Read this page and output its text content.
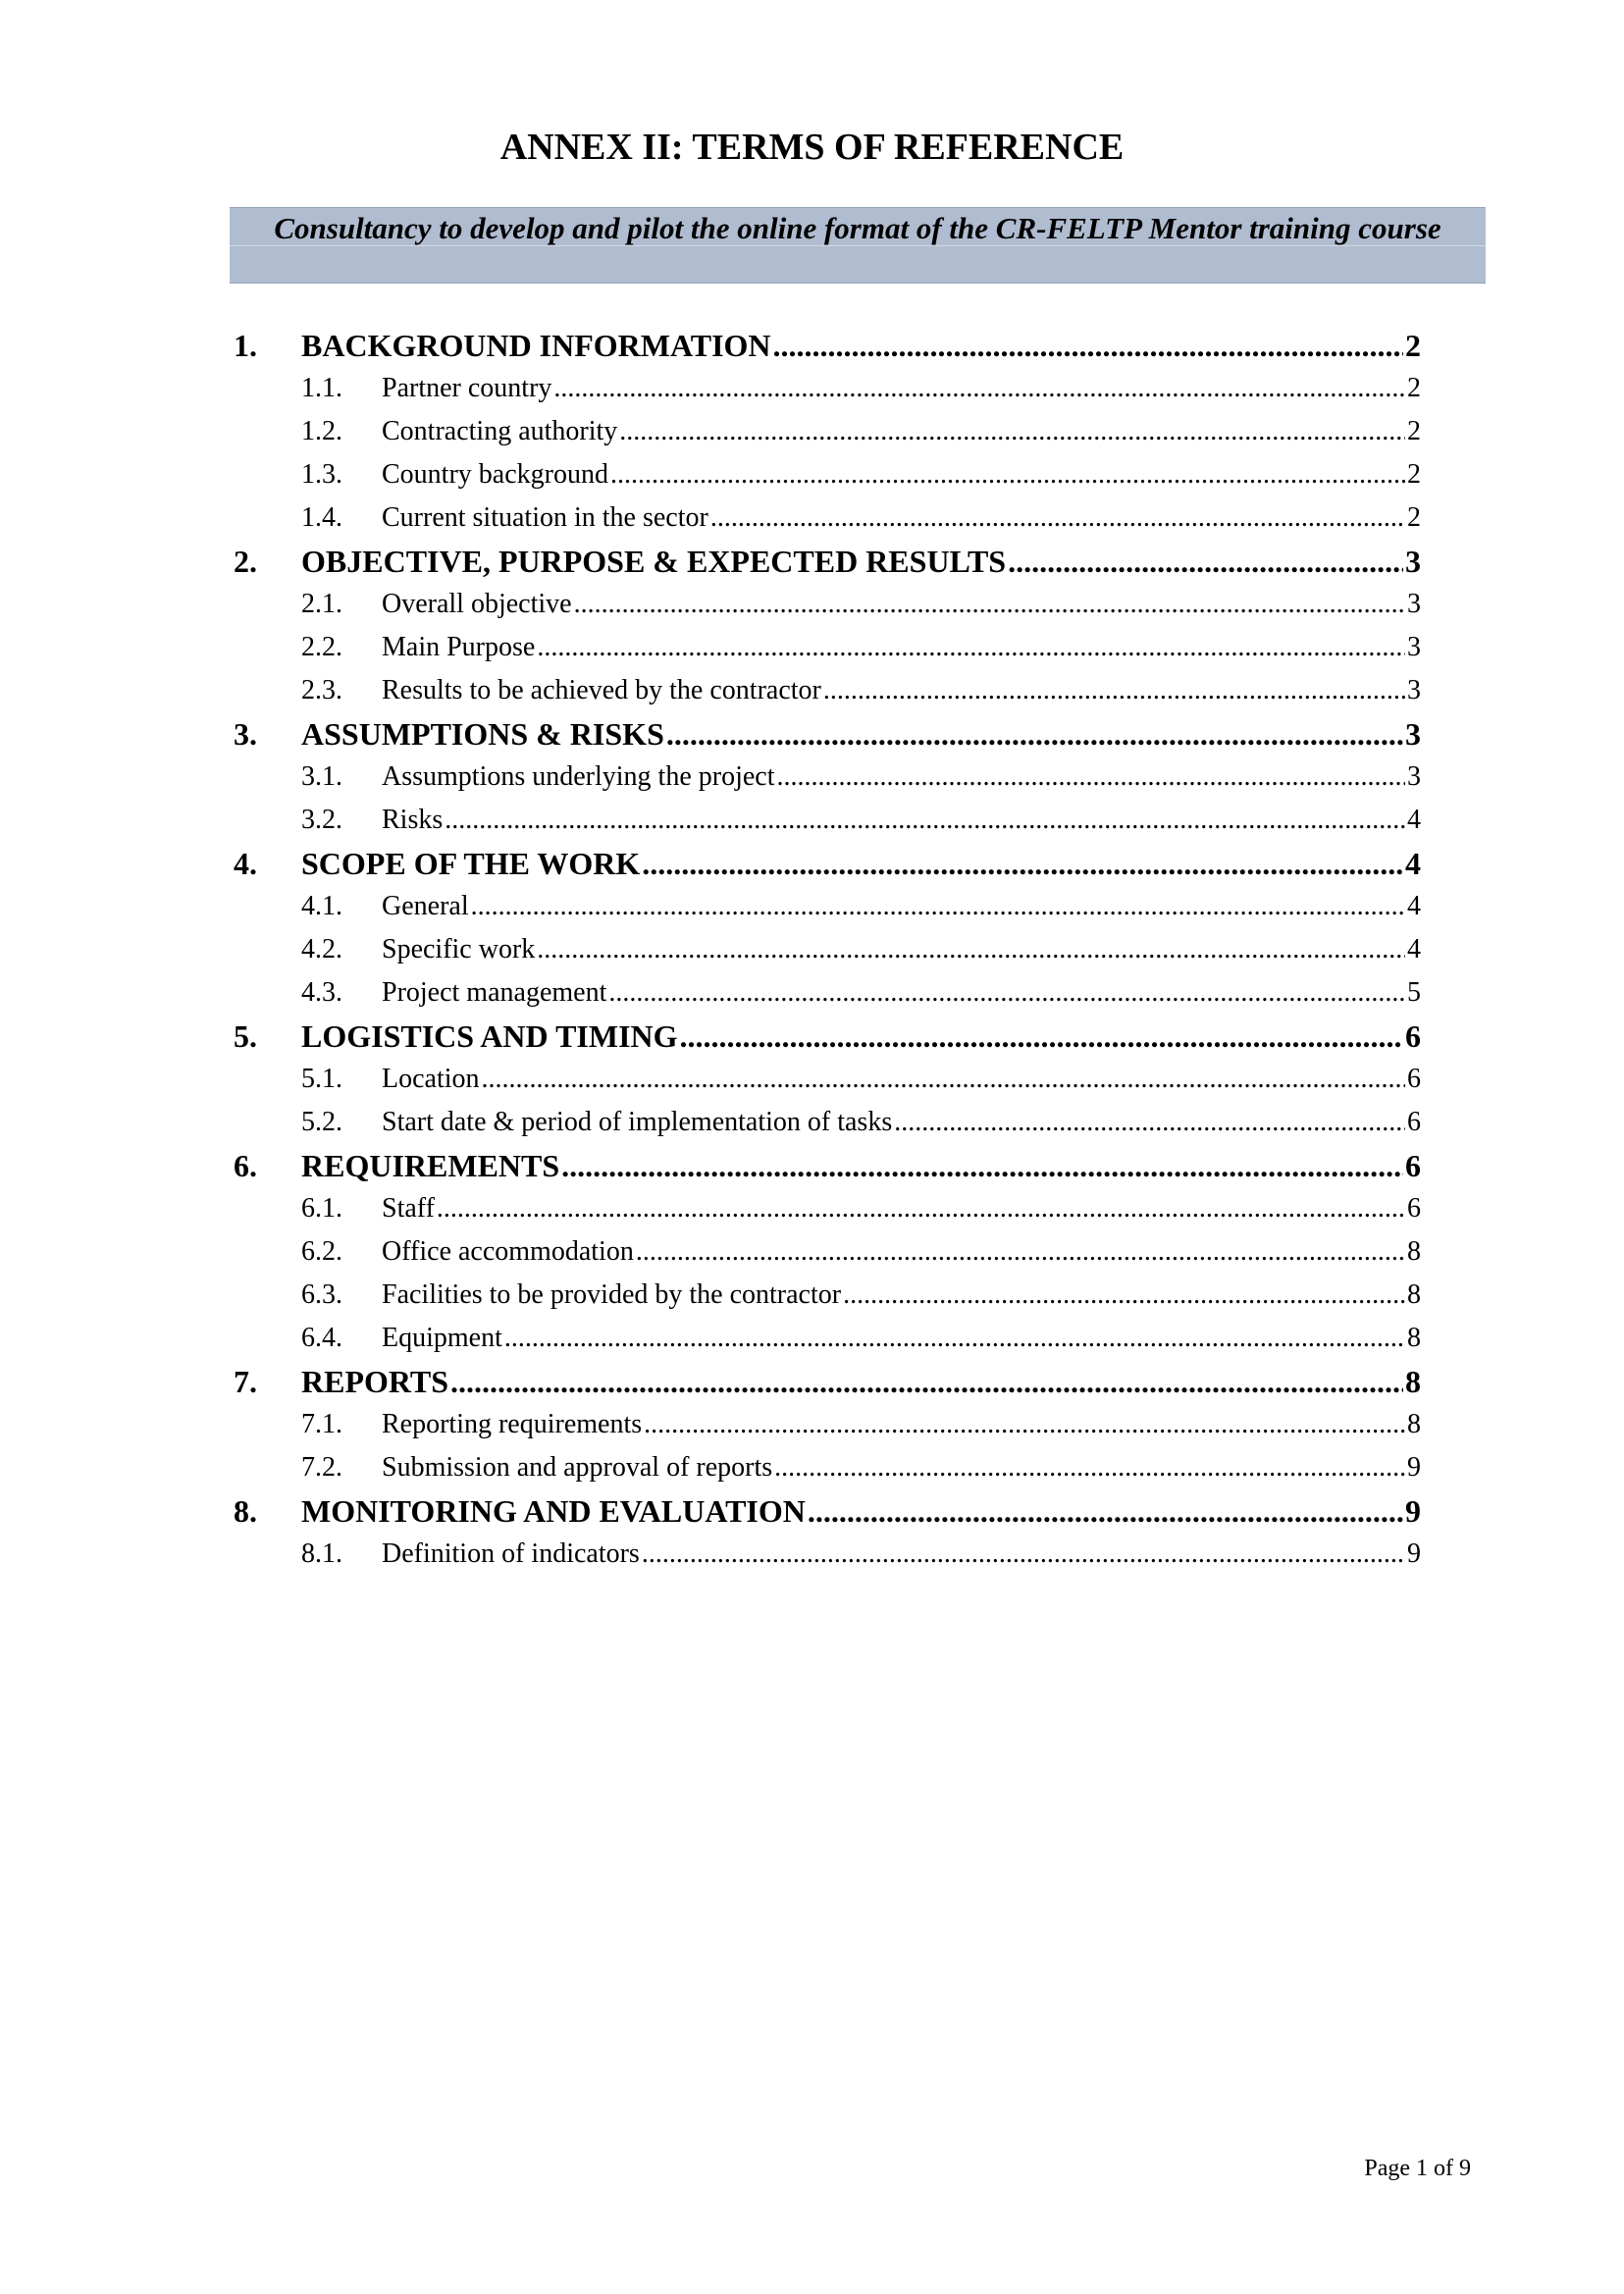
ANNEX II: TERMS OF REFERENCE
Consultancy to develop and pilot the online format of the CR-FELTP Mentor training course
1.	BACKGROUND INFORMATION .....	2
1.1.	Partner country .....	2
1.2.	Contracting authority .....	2
1.3.	Country background .....	2
1.4.	Current situation in the sector .....	2
2.	OBJECTIVE, PURPOSE & EXPECTED RESULTS .....	3
2.1.	Overall objective .....	3
2.2.	Main Purpose .....	3
2.3.	Results to be achieved by the contractor .....	3
3.	ASSUMPTIONS & RISKS .....	3
3.1.	Assumptions underlying the project .....	3
3.2.	Risks .....	4
4.	SCOPE OF THE WORK .....	4
4.1.	General .....	4
4.2.	Specific work .....	4
4.3.	Project management .....	5
5.	LOGISTICS AND TIMING .....	6
5.1.	Location .....	6
5.2.	Start date & period of implementation of tasks .....	6
6.	REQUIREMENTS .....	6
6.1.	Staff .....	6
6.2.	Office accommodation .....	8
6.3.	Facilities to be provided by the contractor .....	8
6.4.	Equipment .....	8
7.	REPORTS .....	8
7.1.	Reporting requirements .....	8
7.2.	Submission and approval of reports .....	9
8.	MONITORING AND EVALUATION .....	9
8.1.	Definition of indicators .....	9
Page 1 of 9
